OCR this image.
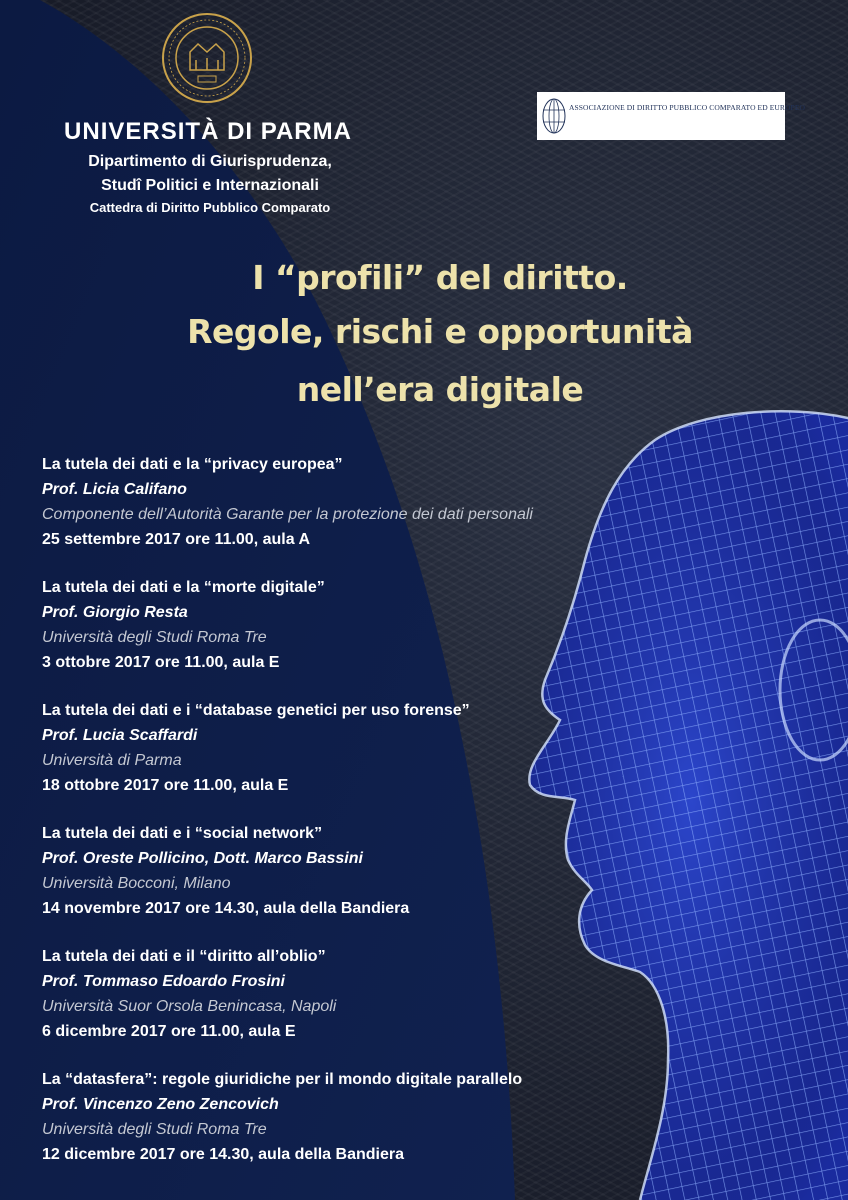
UNIVERSITÀ DI PARMA
Dipartimento di Giurisprudenza,
Studî Politici e Internazionali
Cattedra di Diritto Pubblico Comparato
ASSOCIAZIONE DI DIRITTO PUBBLICO COMPARATO ED EUROPEO
I “profili” del diritto.
Regole, rischi e opportunità
nell’era digitale
La tutela dei dati e la “privacy europea”
Prof. Licia Califano
Componente dell’Autorità Garante per la protezione dei dati personali
25 settembre 2017 ore 11.00, aula A
La tutela dei dati e la “morte digitale”
Prof. Giorgio Resta
Università degli Studi Roma Tre
3 ottobre 2017 ore 11.00, aula E
La tutela dei dati e i “database genetici per uso forense”
Prof. Lucia Scaffardi
Università di Parma
18 ottobre 2017 ore 11.00, aula E
La tutela dei dati e i “social network”
Prof. Oreste Pollicino, Dott. Marco Bassini
Università Bocconi, Milano
14 novembre 2017 ore 14.30, aula della Bandiera
La tutela dei dati e il “diritto all’oblio”
Prof. Tommaso Edoardo Frosini
Università Suor Orsola Benincasa, Napoli
6 dicembre 2017 ore 11.00, aula E
La “datasfera”: regole giuridiche per il mondo digitale parallelo
Prof. Vincenzo Zeno Zencovich
Università degli Studi Roma Tre
12 dicembre 2017 ore 14.30, aula della Bandiera
